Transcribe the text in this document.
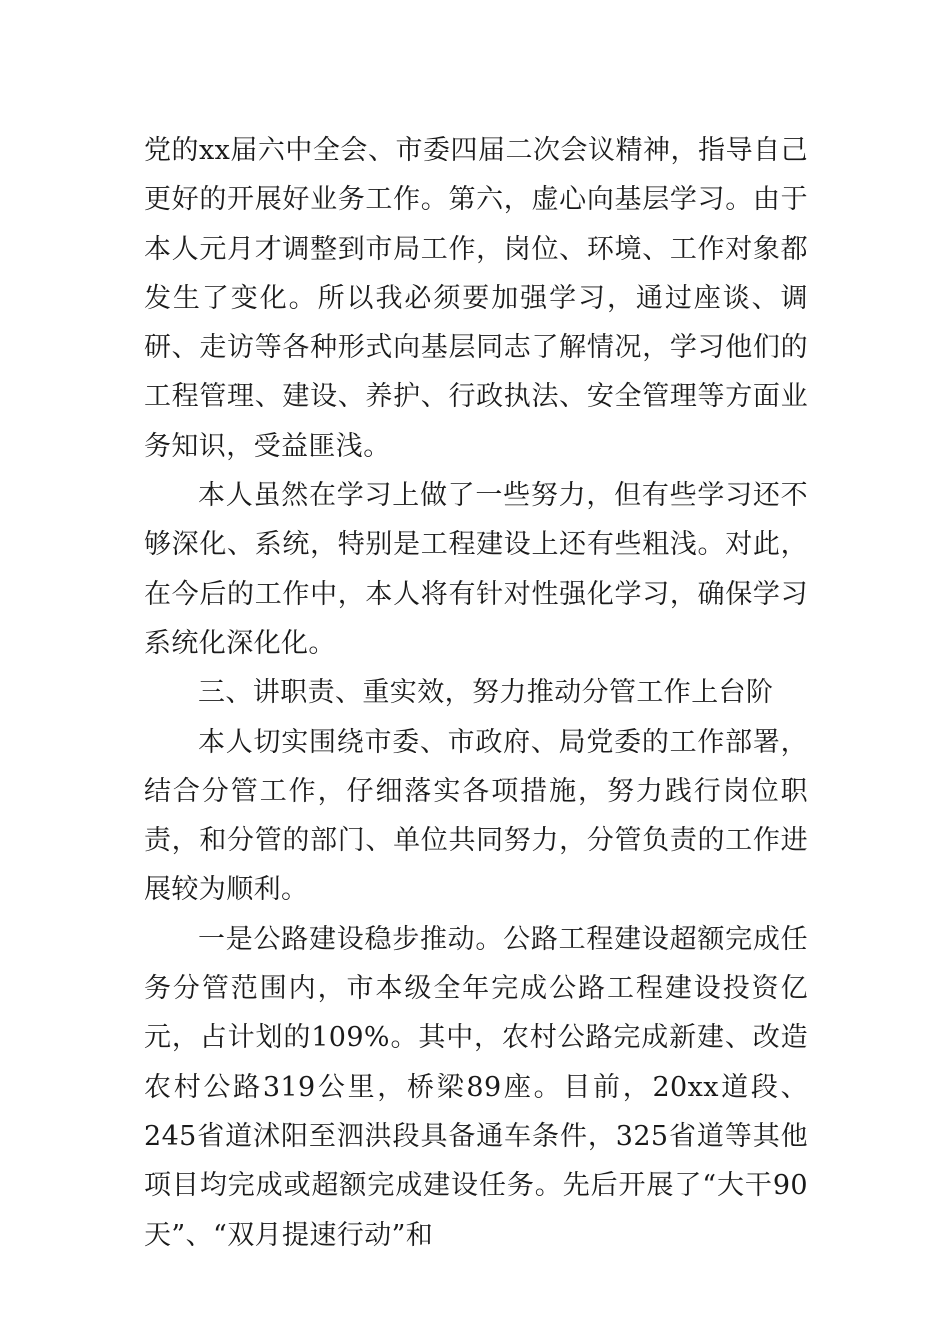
党的xx届六中全会、市委四届二次会议精神，指导自己更好的开展好业务工作。第六，虚心向基层学习。由于本人元月才调整到市局工作，岗位、环境、工作对象都发生了变化。所以我必须要加强学习，通过座谈、调研、走访等各种形式向基层同志了解情况，学习他们的工程管理、建设、养护、行政执法、安全管理等方面业务知识，受益匪浅。

本人虽然在学习上做了一些努力，但有些学习还不够深化、系统，特别是工程建设上还有些粗浅。对此，在今后的工作中，本人将有针对性强化学习，确保学习系统化深化化。

三、讲职责、重实效，努力推动分管工作上台阶

本人切实围绕市委、市政府、局党委的工作部署，结合分管工作，仔细落实各项措施，努力践行岗位职责，和分管的部门、单位共同努力，分管负责的工作进展较为顺利。

一是公路建设稳步推动。公路工程建设超额完成任务分管范围内，市本级全年完成公路工程建设投资亿元，占计划的109%。其中，农村公路完成新建、改造农村公路319公里，桥梁89座。目前，20xx道段、245省道沭阳至泗洪段具备通车条件，325省道等其他项目均完成或超额完成建设任务。先后开展了“大干90天”、“双月提速行动”和
